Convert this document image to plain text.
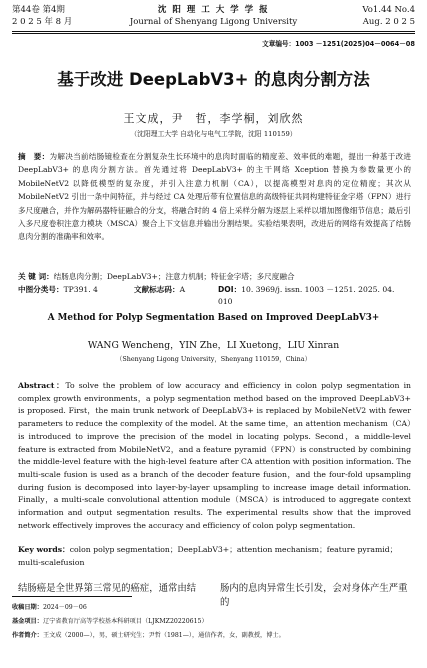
第44卷 第4期
2 0 2 5 年 8 月
沈 阳 理 工 大 学 学 报
Journal of Shenyang Ligong University
Vo1.44 No.4
Aug. 2 0 2 5
文章编号：1003 －1251(2025)04－0064－08
基于改进 DeepLabV3+ 的息肉分割方法
王文成，尹　哲，李学桐，刘欣然
（沈阳理工大学 自动化与电气工学院，沈阳 110159）
摘　要：为解决当前结肠镜检查在分割复杂生长环境中的息肉时面临的精度差、效率低的难题，提出一种基于改进 DeepLabV3+ 的息肉分割方法。首先通过将 DeepLabV3+ 的主干网络 Xception 替换为参数量更小的 MobileNetV2 以降低模型的复杂度，并引入注意力机制（CA），以提高模型对息肉的定位精度；其次从 MobileNetV2 引出一条中间特征，并与经过 CA 处理后带有位置信息的高级特征共同构建特征金字塔（FPN）进行多尺度融合，并作为解码器特征融合的分支，将融合时的 4 倍上采样分解为逐层上采样以增加图像细节信息；最后引入多尺度卷积注意力模块（MSCA）聚合上下文信息并输出分割结果。实验结果表明，改进后的网络有效提高了结肠息肉分割的准确率和效率。
关 键 词：结肠息肉分割；DeepLabV3+；注意力机制；特征金字塔；多尺度融合
中图分类号：TP391. 4	文献标志码：A	DOI：10. 3969/j. issn. 1003 －1251. 2025. 04. 010
A Method for Polyp Segmentation Based on Improved DeepLabV3+
WANG Wencheng，YIN Zhe，LI Xuetong，LIU Xinran
（Shenyang Ligong University，Shenyang 110159，China）
Abstract：To solve the problem of low accuracy and efficiency in colon polyp segmentation in complex growth environments，a polyp segmentation method based on the improved DeepLabV3+ is proposed. First，the main trunk network of DeepLabV3+ is replaced by MobileNetV2 with fewer parameters to reduce the complexity of the model. At the same time，an attention mechanism（CA）is introduced to improve the precision of the model in locating polyps. Second，a middle-level feature is extracted from MobileNetV2，and a feature pyramid（FPN）is constructed by combining the middle-level feature with the high-level feature after CA attention with position information. The multi-scale fusion is used as a branch of the decoder feature fusion，and the four-fold upsampling during fusion is decomposed into layer-by-layer upsampling to increase image detail information. Finally，a multi-scale convolutional attention module（MSCA）is introduced to aggregate context information and output segmentation results. The experimental results show that the improved network effectively improves the accuracy and efficiency of colon polyp segmentation.
Key words：colon polyp segmentation；DeepLabV3+；attention mechanism；feature pyramid；multi-scalefusion
结肠癌是全世界第三常见的癌症，通常由结	肠内的息肉异常生长引发，会对身体产生严重的
收稿日期：2024－09－06
基金项目：辽宁省教育厅高等学校基本科研项目（LJKMZ20220615）
作者简介：王文成（2000—），男，硕士研究生；尹哲（1981—），通信作者，女，副教授，博士。
